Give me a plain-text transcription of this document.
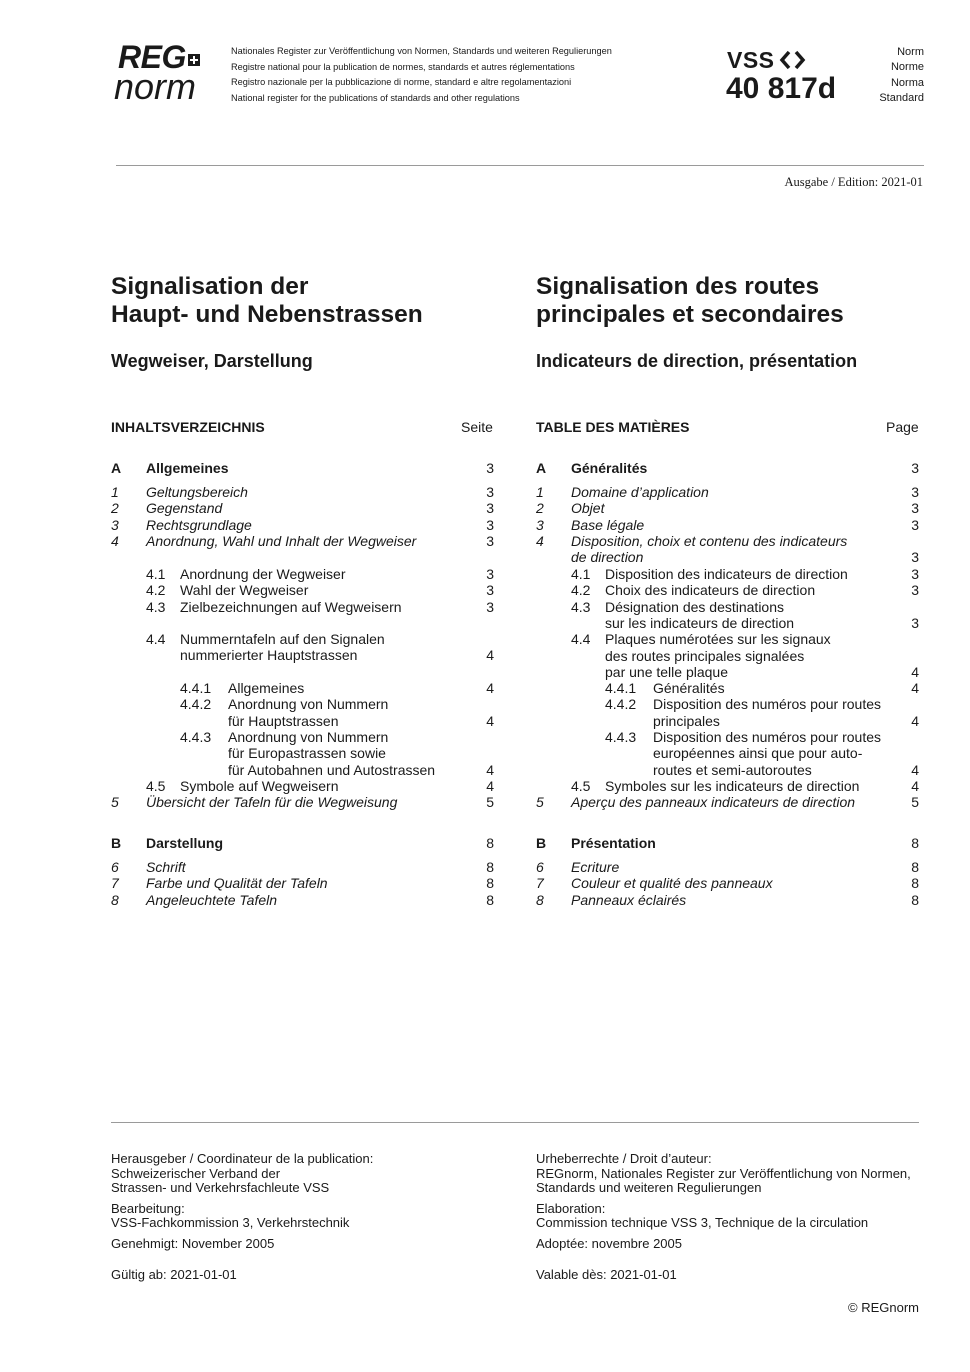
REG
norm
Nationales Register zur Veröffentlichung von Normen, Standards und weiteren Regulierungen
Registre national pour la publication de normes, standards et autres réglementations
Registro nazionale per la pubblicazione di norme, standard e altre regolamentazioni
National register for the publications of standards and other regulations
VSS
40 817d
Norm
Norme
Norma
Standard
Ausgabe / Edition: 2021-01
Signalisation der
Haupt- und Nebenstrassen
Signalisation des routes
principales et secondaires
Wegweiser, Darstellung	Indicateurs de direction, présentation
INHALTSVERZEICHNIS	Seite	TABLE DES MATIÈRES	Page
A Allgemeines	3
1 Geltungsbereich	3
2 Gegenstand	3
3 Rechtsgrundlage	3
4 Anordnung, Wahl und Inhalt der Wegweiser	3
4.1 Anordnung der Wegweiser	3
4.2 Wahl der Wegweiser	3
4.3 Zielbezeichnungen auf Wegweisern	3
4.4 Nummerntafeln auf den Signalen
nummerierter Hauptstrassen	4
4.4.1 Allgemeines	4
4.4.2 Anordnung von Nummern
für Hauptstrassen	4
4.4.3 Anordnung von Nummern
für Europastrassen sowie
für Autobahnen und Autostrassen	4
4.5 Symbole auf Wegweisern	4
5 Übersicht der Tafeln für die Wegweisung	5
B Darstellung	8
6 Schrift	8
7 Farbe und Qualität der Tafeln	8
8 Angeleuchtete Tafeln	8
A Généralités	3
1 Domaine d’application	3
2 Objet	3
3 Base légale	3
4 Disposition, choix et contenu des indicateurs
de direction	3
4.1 Disposition des indicateurs de direction	3
4.2 Choix des indicateurs de direction	3
4.3 Désignation des destinations
sur les indicateurs de direction	3
4.4 Plaques numérotées sur les signaux
des routes principales signalées
par une telle plaque	4
4.4.1 Généralités	4
4.4.2 Disposition des numéros pour routes
principales	4
4.4.3 Disposition des numéros pour routes
européennes ainsi que pour auto-
routes et semi-autoroutes	4
4.5 Symboles sur les indicateurs de direction	4
5 Aperçu des panneaux indicateurs de direction	5
B Présentation	8
6 Ecriture	8
7 Couleur et qualité des panneaux	8
8 Panneaux éclairés	8
Herausgeber / Coordinateur de la publication:
Schweizerischer Verband der
Strassen- und Verkehrsfachleute VSS
Bearbeitung:
VSS-Fachkommission 3, Verkehrstechnik
Genehmigt: November 2005
Gültig ab: 2021-01-01
Urheberrechte / Droit d’auteur:
REGnorm, Nationales Register zur Veröffentlichung von Normen,
Standards und weiteren Regulierungen
Elaboration:
Commission technique VSS 3, Technique de la circulation
Adoptée: novembre 2005
Valable dès: 2021-01-01
© REGnorm
